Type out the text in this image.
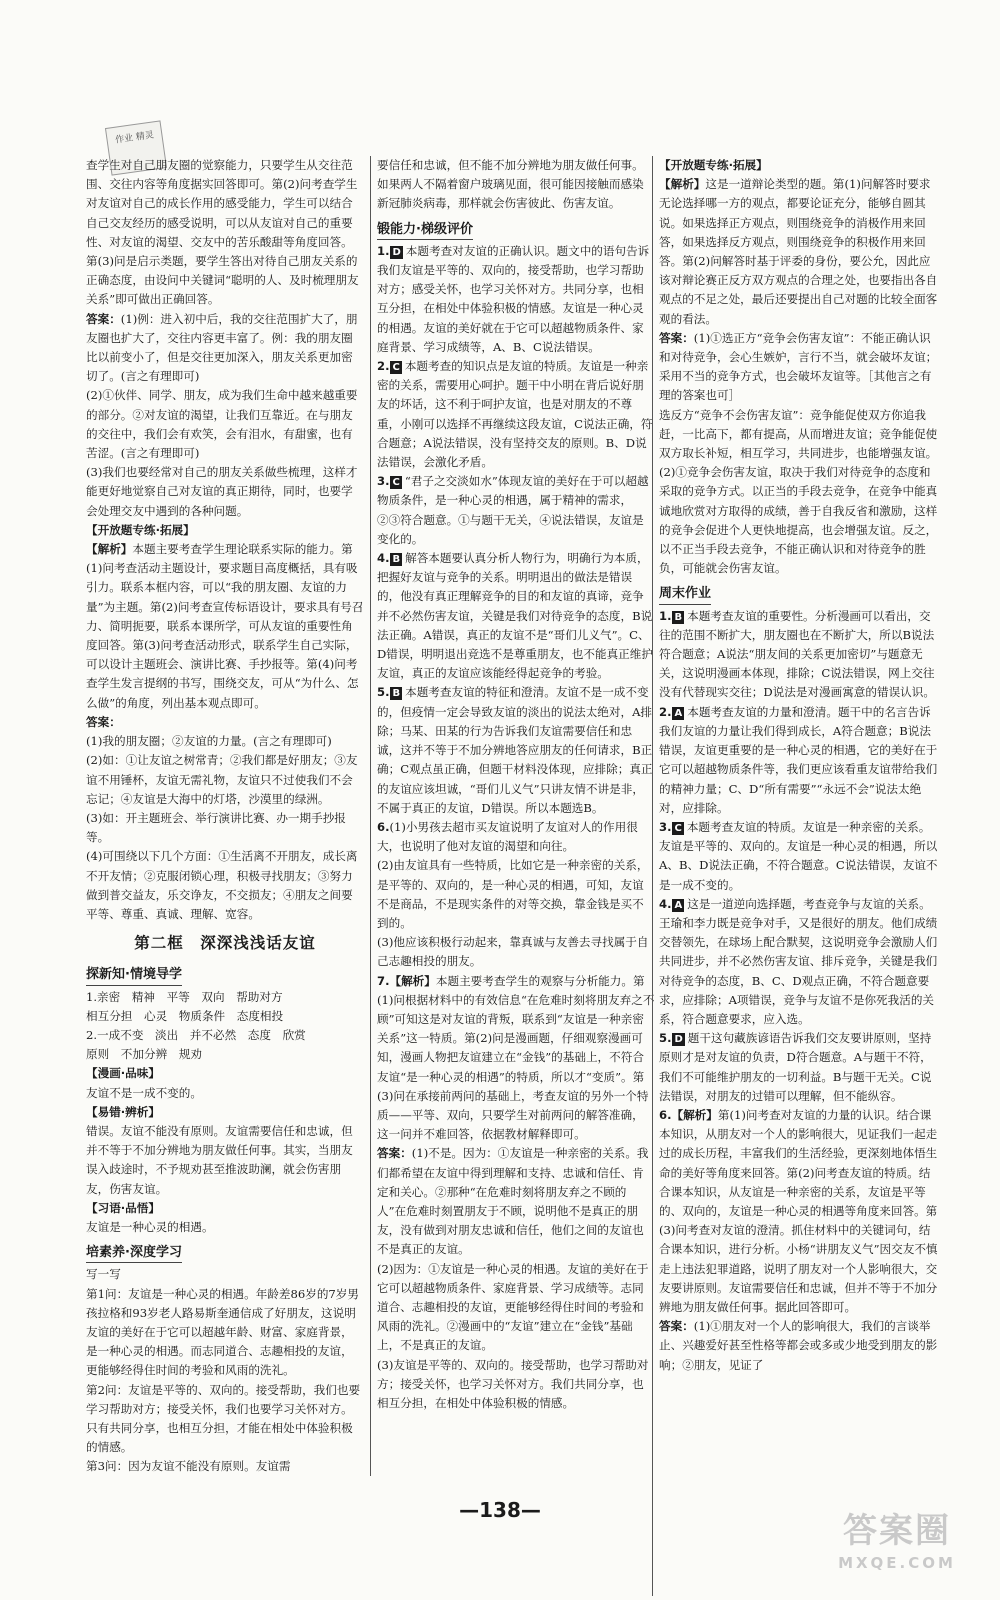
作业 精灵

查学生对自己朋友圈的觉察能力，只要学生从交往范围、交往内容等角度据实回答即可。第(2)问考查学生对友谊对自己的成长作用的感受能力，学生可以结合自己交友经历的感受说明，可以从友谊对自己的重要性、对友谊的渴望、交友中的苦乐酸甜等角度回答。第(3)问是启示类题，要学生答出对待自己朋友关系的正确态度，由设问中关键词“聪明的人、及时梳理朋友关系”即可做出正确回答。

答案：(1)例：进入初中后，我的交往范围扩大了，朋友圈也扩大了，交往内容更丰富了。例：我的朋友圈比以前变小了，但是交往更加深入，朋友关系更加密切了。(言之有理即可)

(2)①伙伴、同学、朋友，成为我们生命中越来越重要的部分。②对友谊的渴望，让我们互靠近。在与朋友的交往中，我们会有欢笑，会有泪水，有甜蜜，也有苦涩。(言之有理即可)

(3)我们也要经常对自己的朋友关系做些梳理，这样才能更好地觉察自己对友谊的真正期待，同时，也要学会处理交友中遇到的各种问题。

【开放题专练·拓展】

【解析】本题主要考查学生理论联系实际的能力。第(1)问考查活动主题设计，要求题目高度概括，具有吸引力。联系本框内容，可以“我的朋友圈、友谊的力量”为主题。第(2)问考查宣传标语设计，要求具有号召力、简明扼要，联系本课所学，可从友谊的重要性角度回答。第(3)问考查活动形式，联系学生自己实际，可以设计主题班会、演讲比赛、手抄报等。第(4)问考查学生发言提纲的书写，围绕交友，可从“为什么、怎么做”的角度，列出基本观点即可。

答案：

(1)我的朋友圈；②友谊的力量。(言之有理即可)

(2)如：①让友谊之树常青；②我们都是好朋友；③友谊不用锤杯，友谊无需礼物，友谊只不过使我们不会忘记；④友谊是大海中的灯塔，沙漠里的绿洲。

(3)如：开主题班会、举行演讲比赛、办一期手抄报等。

(4)可围绕以下几个方面：①生活离不开朋友，成长离不开友情；②克服闭锁心理，积极寻找朋友；③努力做到普交益友，乐交诤友，不交损友；④朋友之间要平等、尊重、真诚、理解、宽容。

第二框　深深浅浅话友谊
探新知·情境导学

1.亲密　精神　平等　双向　帮助对方
相互分担　心灵　物质条件　态度相投
2.一成不变　淡出　并不必然　态度　欣赏
原则　不加分辨　规劝

【漫画·品味】

友谊不是一成不变的。

【易错·辨析】

错误。友谊不能没有原则。友谊需要信任和忠诚，但并不等于不加分辨地为朋友做任何事。其实，当朋友误入歧途时，不予规劝甚至推波助澜，就会伤害朋友，伤害友谊。

【习语·品悟】

友谊是一种心灵的相遇。

培素养·深度学习

写一写

第1问：友谊是一种心灵的相遇。年龄差86岁的7岁男孩拉格和93岁老人路易斯奎通信成了好朋友，这说明友谊的美好在于它可以超越年龄、财富、家庭背景，是一种心灵的相遇。而志同道合、志趣相投的友谊，更能够经得住时间的考验和风雨的洗礼。

第2问：友谊是平等的、双向的。接受帮助，我们也要学习帮助对方；接受关怀，我们也要学习关怀对方。只有共同分享，也相互分担，才能在相处中体验积极的情感。

第3问：因为友谊不能没有原则。友谊需

要信任和忠诚，但不能不加分辨地为朋友做任何事。如果两人不隔着窗户玻璃见面，很可能因接触而感染新冠肺炎病毒，那样就会伤害彼此、伤害友谊。

锻能力·梯级评价

1. D 本题考查对友谊的正确认识。题文中的语句告诉我们友谊是平等的、双向的，接受帮助，也学习帮助对方；感受关怀，也学习关怀对方。共同分享，也相互分担，在相处中体验积极的情感。友谊是一种心灵的相遇。友谊的美好就在于它可以超越物质条件、家庭背景、学习成绩等，A、B、C说法错误。

2. C 本题考查的知识点是友谊的特质。友谊是一种亲密的关系，需要用心呵护。题干中小明在背后说好朋友的坏话，这不利于呵护友谊，也是对朋友的不尊重，小刚可以选择不再继续这段友谊，C说法正确，符合题意；A说法错误，没有坚持交友的原则。B、D说法错误，会激化矛盾。

3. C “君子之交淡如水”体现友谊的美好在于可以超越物质条件，是一种心灵的相遇，属于精神的需求，②③符合题意。①与题干无关，④说法错误，友谊是变化的。

4. B 解答本题要认真分析人物行为，明确行为本质，把握好友谊与竞争的关系。明明退出的做法是错误的，他没有真正理解竞争的目的和友谊的真谛，竞争并不必然伤害友谊，关键是我们对待竞争的态度，B说法正确。A错误，真正的友谊不是“哥们儿义气”。C、D错误，明明退出竞选不是尊重朋友，也不能真正维护友谊，真正的友谊应该能经得起竞争的考验。

5. B 本题考查友谊的特征和澄清。友谊不是一成不变的，但疫情一定会导致友谊的淡出的说法太绝对，A排除；马某、田某的行为告诉我们友谊需要信任和忠诚，这并不等于不加分辨地答应朋友的任何请求，B正确；C观点虽正确，但题干材料没体现，应排除；真正的友谊应该坦诚，“哥们儿义气”只讲友情不讲是非，不属于真正的友谊，D错误。所以本题选B。

6.(1)小男孩去超市买友谊说明了友谊对人的作用很大，也说明了他对友谊的渴望和向往。

(2)由友谊具有一些特质，比如它是一种亲密的关系，是平等的、双向的，是一种心灵的相遇，可知，友谊不是商品，不是现实条件的对等交换，靠金钱是买不到的。

(3)他应该积极行动起来，靠真诚与友善去寻找属于自己志趣相投的朋友。

7.【解析】本题主要考查学生的观察与分析能力。第(1)问根据材料中的有效信息“在危难时刻将朋友弃之不顾”可知这是对友谊的背叛，联系到“友谊是一种亲密关系”这一特质。第(2)问是漫画题，仔细观察漫画可知，漫画人物把友谊建立在“金钱”的基础上，不符合友谊“是一种心灵的相遇”的特质，所以才“变质”。第(3)问在承接前两问的基础上，考查友谊的另外一个特质——平等、双向，只要学生对前两问的解答准确，这一问并不难回答，依据教材解释即可。

答案：(1)不是。因为：①友谊是一种亲密的关系。我们都希望在友谊中得到理解和支持、忠诚和信任、肯定和关心。②那种“在危难时刻将朋友弃之不顾的人”在危难时刻置朋友于不顾，说明他不是真正的朋友，没有做到对朋友忠诚和信任，他们之间的友谊也不是真正的友谊。

(2)因为：①友谊是一种心灵的相遇。友谊的美好在于它可以超越物质条件、家庭背景、学习成绩等。志同道合、志趣相投的友谊，更能够经得住时间的考验和风雨的洗礼。②漫画中的“友谊”建立在“金钱”基础上，不是真正的友谊。

(3)友谊是平等的、双向的。接受帮助，也学习帮助对方；接受关怀，也学习关怀对方。我们共同分享，也相互分担，在相处中体验积极的情感。

【开放题专练·拓展】

【解析】这是一道辩论类型的题。第(1)问解答时要求无论选择哪一方的观点，都要论证充分，能够自圆其说。如果选择正方观点，则围绕竞争的消极作用来回答，如果选择反方观点，则围绕竞争的积极作用来回答。第(2)问解答时基于评委的身份，要公允，因此应该对辩论赛正反方双方观点的合理之处，也要指出各自观点的不足之处，最后还要提出自己对题的比较全面客观的看法。

答案：(1)①选正方“竞争会伤害友谊”：不能正确认识和对待竞争，会心生嫉妒，言行不当，就会破坏友谊；采用不当的竞争方式，也会破坏友谊等。［其他言之有理的答案也可］

选反方“竞争不会伤害友谊”：竞争能促使双方你追我赶，一比高下，都有提高，从而增进友谊；竞争能促使双方取长补短，相互学习，共同进步，也能增强友谊。

(2)①竞争会伤害友谊，取决于我们对待竞争的态度和采取的竞争方式。以正当的手段去竞争，在竞争中能真诚地欣赏对方取得的成绩，善于自我反省和激励，这样的竞争会促进个人更快地提高，也会增强友谊。反之，以不正当手段去竞争，不能正确认识和对待竞争的胜负，可能就会伤害友谊。

周末作业

1. B 本题考查友谊的重要性。分析漫画可以看出，交往的范围不断扩大，朋友圈也在不断扩大，所以B说法符合题意；A说法“朋友间的关系更加密切”与题意无关，这说明漫画本体现，排除；C说法错误，网上交往没有代替现实交往；D说法是对漫画寓意的错误认识。

2. A 本题考查友谊的力量和澄清。题干中的名言告诉我们友谊的力量让我们得到成长，A符合题意；B说法错误，友谊更重要的是一种心灵的相遇，它的美好在于它可以超越物质条件等，我们更应该看重友谊带给我们的精神力量；C、D“所有需要”“永远不会”说法太绝对，应排除。

3. C 本题考查友谊的特质。友谊是一种亲密的关系。友谊是平等的、双向的。友谊是一种心灵的相遇，所以A、B、D说法正确，不符合题意。C说法错误，友谊不是一成不变的。

4. A 这是一道逆向选择题，考查竞争与友谊的关系。王瑜和李力既是竞争对手，又是很好的朋友。他们成绩交替领先，在球场上配合默契，这说明竞争会激励人们共同进步，并不必然伤害友谊、排斥竞争，关键是我们对待竞争的态度，B、C、D观点正确，不符合题意要求，应排除；A项错误，竞争与友谊不是你死我活的关系，符合题意要求，应入选。

5. D 题干这句藏族谚语告诉我们交友要讲原则，坚持原则才是对友谊的负责，D符合题意。A与题干不符，我们不可能维护朋友的一切利益。B与题干无关。C说法错误，对朋友的过错可以理解，但不能纵容。

6.【解析】第(1)问考查对友谊的力量的认识。结合课本知识，从朋友对一个人的影响很大，见证我们一起走过的成长历程，丰富我们的生活经验，更深刻地体悟生命的美好等角度来回答。第(2)问考查友谊的特质。结合课本知识，从友谊是一种亲密的关系，友谊是平等的、双向的，友谊是一种心灵的相遇等角度来回答。第(3)问考查对友谊的澄清。抓住材料中的关键词句，结合课本知识，进行分析。小杨“讲朋友义气”因交友不慎走上违法犯罪道路，说明了朋友对一个人影响很大，交友要讲原则。友谊需要信任和忠诚，但并不等于不加分辨地为朋友做任何事。据此回答即可。

答案：(1)①朋友对一个人的影响很大，我们的言谈举止、兴趣爱好甚至性格等都会或多或少地受到朋友的影响；②朋友，见证了

—138—
答案圈
MXQE.COM
